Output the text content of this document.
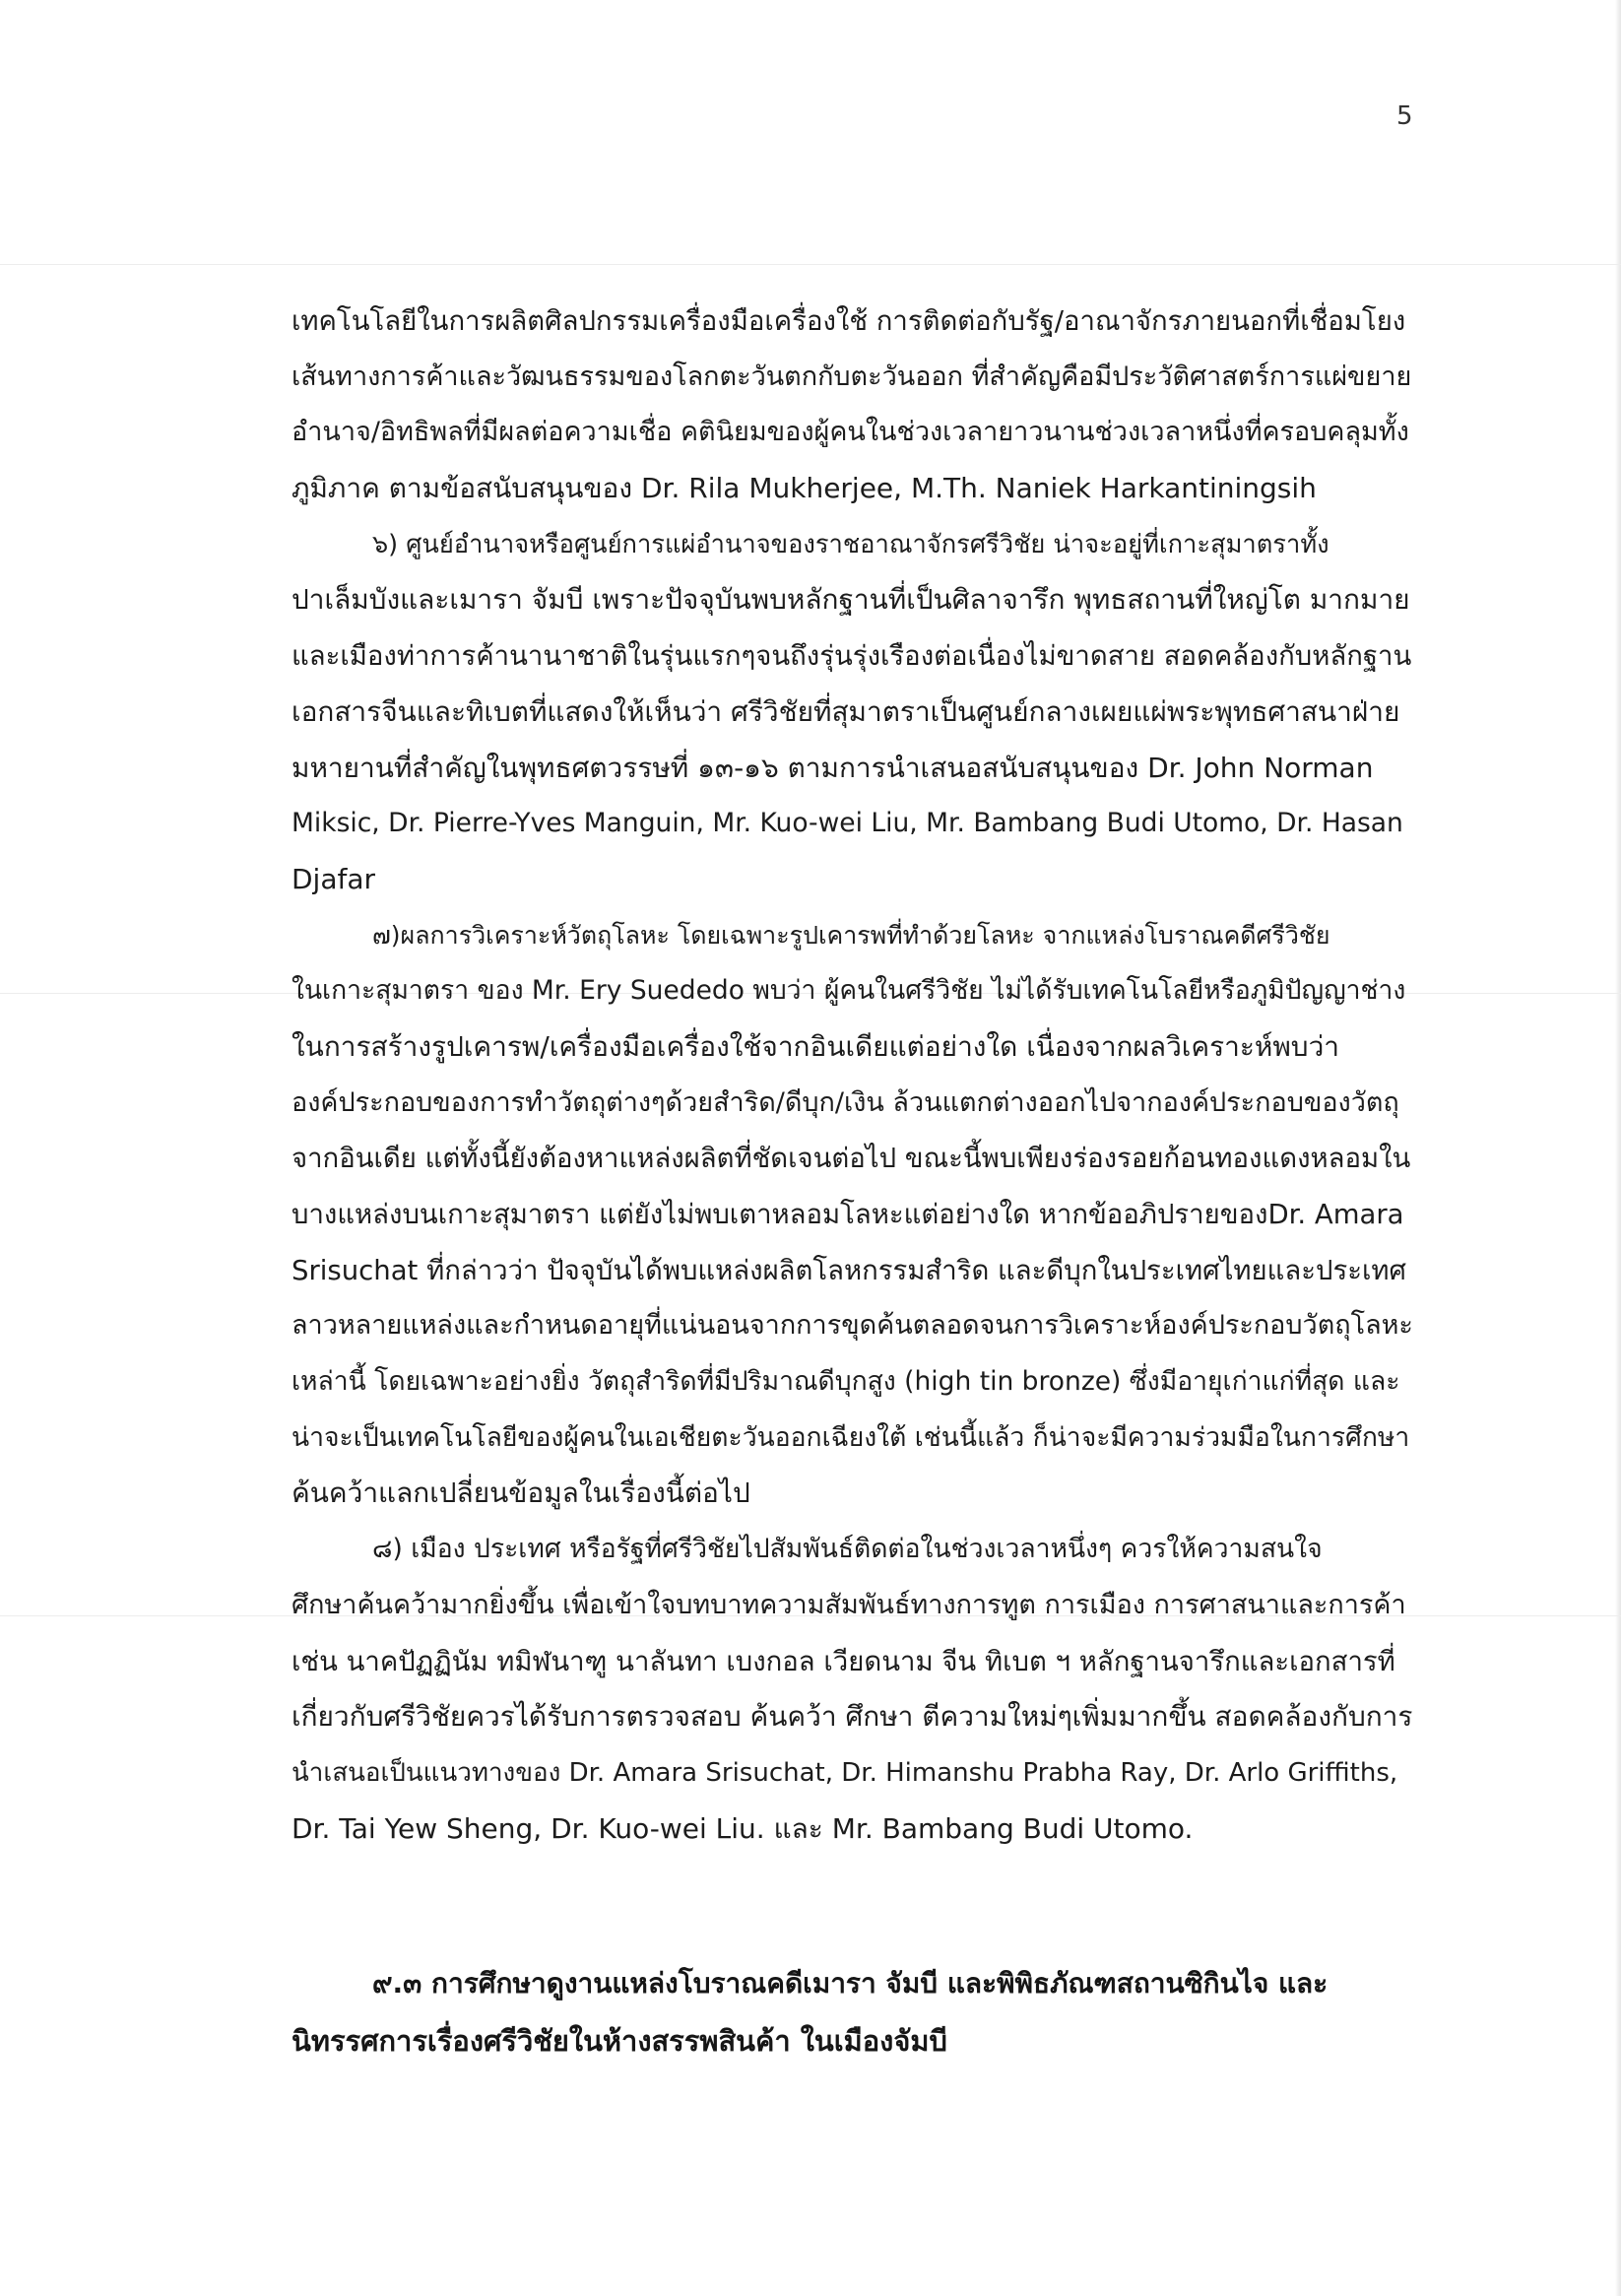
5

เทคโนโลยีในการผลิตศิลปกรรมเครื่องมือเครื่องใช้ การติดต่อกับรัฐ/อาณาจักรภายนอกที่เชื่อมโยง
เส้นทางการค้าและวัฒนธรรมของโลกตะวันตกกับตะวันออก ที่สำคัญคือมีประวัติศาสตร์การแผ่ขยาย
อำนาจ/อิทธิพลที่มีผลต่อความเชื่อ คตินิยมของผู้คนในช่วงเวลายาวนานช่วงเวลาหนึ่งที่ครอบคลุมทั้ง
ภูมิภาค ตามข้อสนับสนุนของ Dr. Rila Mukherjee, M.Th. Naniek Harkantiningsih

๖) ศูนย์อำนาจหรือศูนย์การแผ่อำนาจของราชอาณาจักรศรีวิชัย น่าจะอยู่ที่เกาะสุมาตราทั้ง
ปาเล็มบังและเมารา จัมบี เพราะปัจจุบันพบหลักฐานที่เป็นศิลาจารึก พุทธสถานที่ใหญ่โต มากมาย
และเมืองท่าการค้านานาชาติในรุ่นแรกๆจนถึงรุ่นรุ่งเรืองต่อเนื่องไม่ขาดสาย สอดคล้องกับหลักฐาน
เอกสารจีนและทิเบตที่แสดงให้เห็นว่า ศรีวิชัยที่สุมาตราเป็นศูนย์กลางเผยแผ่พระพุทธศาสนาฝ่าย
มหายานที่สำคัญในพุทธศตวรรษที่ ๑๓-๑๖ ตามการนำเสนอสนับสนุนของ Dr. John Norman
Miksic, Dr. Pierre-Yves Manguin, Mr. Kuo-wei Liu, Mr. Bambang Budi Utomo, Dr. Hasan
Djafar

๗)ผลการวิเคราะห์วัตถุโลหะ โดยเฉพาะรูปเคารพที่ทำด้วยโลหะ จากแหล่งโบราณคดีศรีวิชัย
ในเกาะสุมาตรา ของ Mr. Ery Suededo พบว่า ผู้คนในศรีวิชัย ไม่ได้รับเทคโนโลยีหรือภูมิปัญญาช่าง
ในการสร้างรูปเคารพ/เครื่องมือเครื่องใช้จากอินเดียแต่อย่างใด เนื่องจากผลวิเคราะห์พบว่า
องค์ประกอบของการทำวัตถุต่างๆด้วยสำริด/ดีบุก/เงิน ล้วนแตกต่างออกไปจากองค์ประกอบของวัตถุ
จากอินเดีย แต่ทั้งนี้ยังต้องหาแหล่งผลิตที่ชัดเจนต่อไป ขณะนี้พบเพียงร่องรอยก้อนทองแดงหลอมใน
บางแหล่งบนเกาะสุมาตรา แต่ยังไม่พบเตาหลอมโลหะแต่อย่างใด หากข้ออภิปรายของDr. Amara
Srisuchat ที่กล่าวว่า ปัจจุบันได้พบแหล่งผลิตโลหกรรมสำริด และดีบุกในประเทศไทยและประเทศ
ลาวหลายแหล่งและกำหนดอายุที่แน่นอนจากการขุดค้นตลอดจนการวิเคราะห์องค์ประกอบวัตถุโลหะ
เหล่านี้ โดยเฉพาะอย่างยิ่ง วัตถุสำริดที่มีปริมาณดีบุกสูง (high tin bronze) ซึ่งมีอายุเก่าแก่ที่สุด และ
น่าจะเป็นเทคโนโลยีของผู้คนในเอเชียตะวันออกเฉียงใต้ เช่นนี้แล้ว ก็น่าจะมีความร่วมมือในการศึกษา
ค้นคว้าแลกเปลี่ยนข้อมูลในเรื่องนี้ต่อไป

๘) เมือง ประเทศ หรือรัฐที่ศรีวิชัยไปสัมพันธ์ติดต่อในช่วงเวลาหนึ่งๆ ควรให้ความสนใจ
ศึกษาค้นคว้ามากยิ่งขึ้น เพื่อเข้าใจบทบาทความสัมพันธ์ทางการทูต การเมือง การศาสนาและการค้า
เช่น นาคปัฏฏินัม ทมิฬนาฑู นาลันทา เบงกอล เวียดนาม จีน ทิเบต ฯ หลักฐานจารึกและเอกสารที่
เกี่ยวกับศรีวิชัยควรได้รับการตรวจสอบ ค้นคว้า ศึกษา ตีความใหม่ๆเพิ่มมากขึ้น สอดคล้องกับการ
นำเสนอเป็นแนวทางของ Dr. Amara Srisuchat, Dr. Himanshu Prabha Ray, Dr. Arlo Griffiths,
Dr. Tai Yew Sheng, Dr. Kuo-wei Liu. และ Mr. Bambang Budi Utomo.

๙.๓ การศึกษาดูงานแหล่งโบราณคดีเมารา จัมบี และพิพิธภัณฑสถานซิกินไจ และ
นิทรรศการเรื่องศรีวิชัยในห้างสรรพสินค้า ในเมืองจัมบี
